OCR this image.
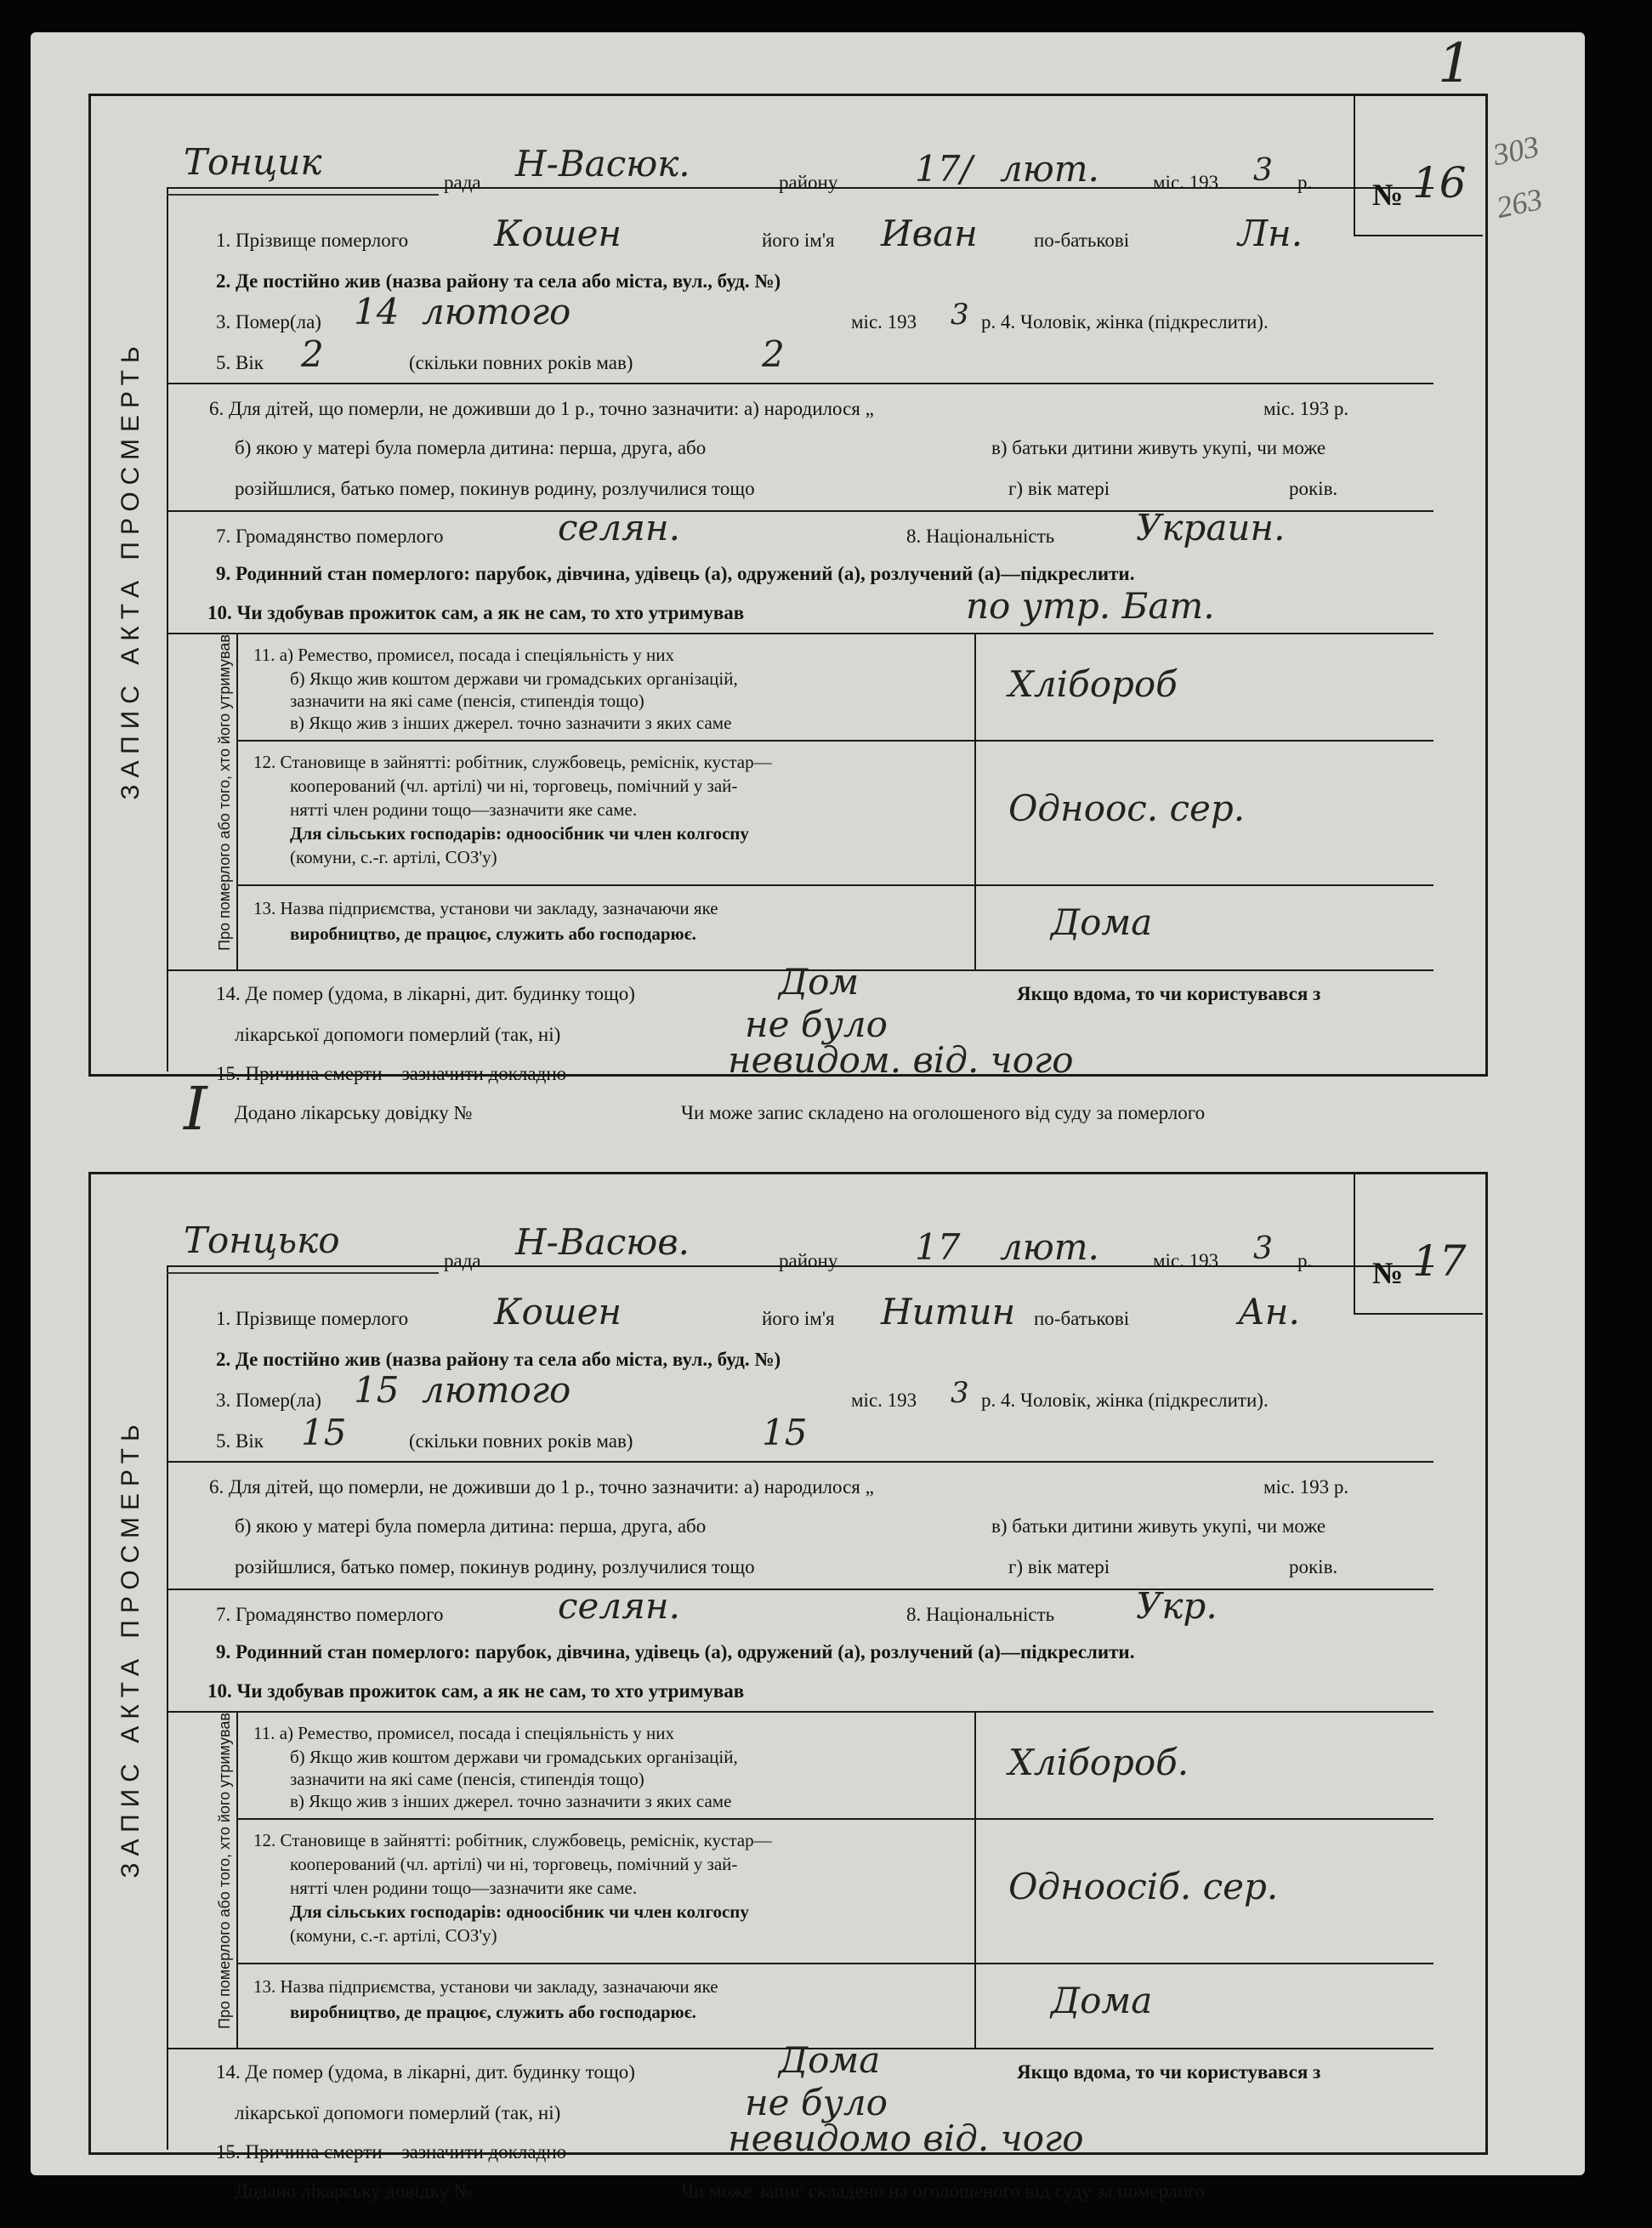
1
303
263
I
ЗАПИС АКТА ПРОСМЕРТЬ
Тонцик	рада Н-Васюк.	району 17/ лют.	міс. 193 3 р. № 16
1. Прізвище померлого Кошен	його ім'я Иван	по-батькові	Лн.
2. Де постійно жив (назва району та села або міста, вул., буд. №)
3. Помер(ла) 14 лютого	міс. 193 3 р. 4. Чоловік, жінка (підкреслити).
5. Вік 2	(скільки повних років мав)	2
6. Для дітей, що померли, не доживши до 1 р., точно зазначити: а) народилося „	міс. 193 р.
б) якою у матері була померла дитина: перша, друга, або	в) батьки дитини живуть укупі, чи може
розійшлися, батько помер, покинув родину, розлучилися тощо	г) вік матері	років.
7. Громадянство померлого	селян.	8. Національність Украин.
9. Родинний стан померлого: парубок, дівчина, удівець (а), одружений (а), розлучений (а)—підкреслити.
10. Чи здобував прожиток сам, а як не сам, то хто утримував	по утр. Бат.
Про померлого або того, хто його утримував 11. а) Ремество, промисел, посада і спеціяльність у них
б) Якщо жив коштом держави чи громадських організацій,
зазначити на які саме (пенсія, стипендія тощо)
в) Якщо жив з інших джерел. точно зазначити з яких саме
Хлібороб
12. Становище в зайнятті: робітник, службовець, реміснік, кустар—
кооперований (чл. артілі) чи ні, торговець, помічний у зай-
нятті член родини тощо—зазначити яке саме.
Для сільських господарів: одноосібник чи член колгоспу
(комуни, с.-г. артілі, СОЗ'у)
Одноос. сер.
13. Назва підприємства, установи чи закладу, зазначаючи яке
виробництво, де працює, служить або господарює.	Дома
14. Де помер (удома, в лікарні, дит. будинку тощо)	Дом	Якщо вдома, то чи користувався з
лікарської допомоги померлий (так, ні)	не було
15. Причина смерти—зазначити докладно	невидом. від. чого
Додано лікарську довідку №	Чи може запис складено на оголошеного від суду за померлого
ЗАПИС АКТА ПРОСМЕРТЬ
Тонцько	рада Н-Васюв.	району 17 лют.	міс. 193 3 р. № 17
1. Прізвище померлого Кошен	його ім'я Нитин по-батькові	Ан.
2. Де постійно жив (назва району та села або міста, вул., буд. №)
3. Помер(ла) 15 лютого	міс. 193 3 р. 4. Чоловік, жінка (підкреслити).
5. Вік 15	(скільки повних років мав)	15
6. Для дітей, що померли, не доживши до 1 р., точно зазначити: а) народилося „	міс. 193 р.
б) якою у матері була померла дитина: перша, друга, або	в) батьки дитини живуть укупі, чи може
розійшлися, батько помер, покинув родину, розлучилися тощо	г) вік матері	років.
7. Громадянство померлого	селян.	8. Національність Укр.
9. Родинний стан померлого: парубок, дівчина, удівець (а), одружений (а), розлучений (а)—підкреслити.
10. Чи здобував прожиток сам, а як не сам, то хто утримував
Про померлого або того, хто його утримував 11. а) Ремество, промисел, посада і спеціяльність у них
б) Якщо жив коштом держави чи громадських організацій,
зазначити на які саме (пенсія, стипендія тощо)
в) Якщо жив з інших джерел. точно зазначити з яких саме
Хлібороб.
12. Становище в зайнятті: робітник, службовець, реміснік, кустар—
кооперований (чл. артілі) чи ні, торговець, помічний у зай-
нятті член родини тощо—зазначити яке саме.
Для сільських господарів: одноосібник чи член колгоспу
(комуни, с.-г. артілі, СОЗ'у)
Одноосіб. сер.
13. Назва підприємства, установи чи закладу, зазначаючи яке
виробництво, де працює, служить або господарює.	Дома
14. Де помер (удома, в лікарні, дит. будинку тощо)	Дома	Якщо вдома, то чи користувався з
лікарської допомоги померлий (так, ні)	не було
15. Причина смерти—зазначити докладно	невидомо від. чого
Додано лікарську довідку №	Чи може запис складено на оголошеного від суду за померлого
